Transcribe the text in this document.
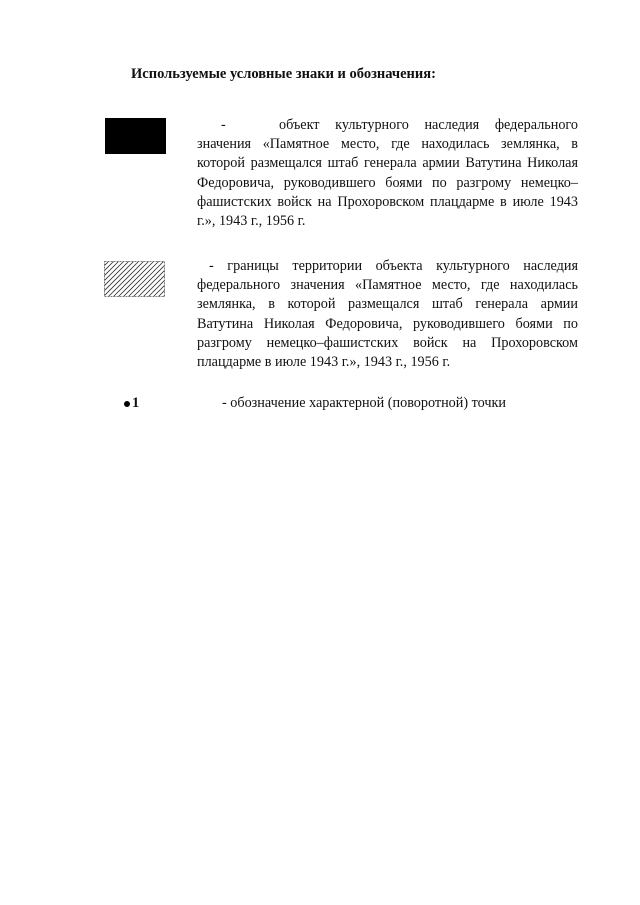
Используемые условные знаки и обозначения:

-	объект культурного наследия федерального значения «Памятное место, где находилась землянка, в которой размещался штаб генерала армии Ватутина Николая Федоровича, руководившего боями по разгрому немецко–фашистских войск на Прохоровском плацдарме в июле 1943 г.», 1943 г., 1956 г.

- границы территории объекта культурного наследия федерального значения «Памятное место, где находилась землянка, в которой размещался штаб генерала армии Ватутина Николая Федоровича, руководившего боями по разгрому немецко–фашистских войск на Прохоровском плацдарме в июле 1943 г.», 1943 г., 1956 г.

1	- обозначение характерной (поворотной) точки
